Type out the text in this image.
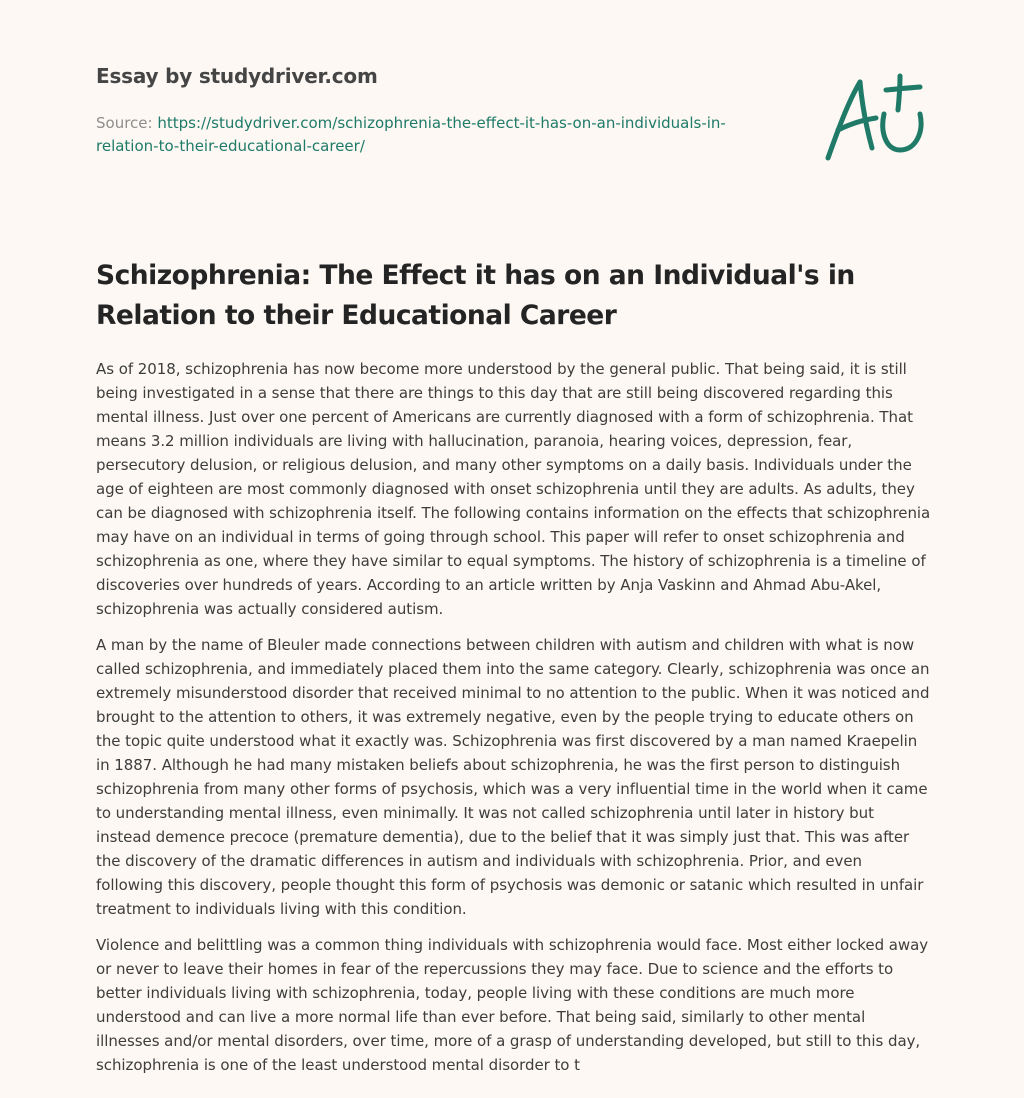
Essay by studydriver.com
Source: https://studydriver.com/schizophrenia-the-effect-it-has-on-an-individuals-in-relation-to-their-educational-career/
Schizophrenia: The Effect it has on an Individual's in Relation to their Educational Career

As of 2018, schizophrenia has now become more understood by the general public. That being said, it is still being investigated in a sense that there are things to this day that are still being discovered regarding this mental illness. Just over one percent of Americans are currently diagnosed with a form of schizophrenia. That means 3.2 million individuals are living with hallucination, paranoia, hearing voices, depression, fear, persecutory delusion, or religious delusion, and many other symptoms on a daily basis. Individuals under the age of eighteen are most commonly diagnosed with onset schizophrenia until they are adults. As adults, they can be diagnosed with schizophrenia itself. The following contains information on the effects that schizophrenia may have on an individual in terms of going through school. This paper will refer to onset schizophrenia and schizophrenia as one, where they have similar to equal symptoms. The history of schizophrenia is a timeline of discoveries over hundreds of years. According to an article written by Anja Vaskinn and Ahmad Abu-Akel, schizophrenia was actually considered autism.

A man by the name of Bleuler made connections between children with autism and children with what is now called schizophrenia, and immediately placed them into the same category. Clearly, schizophrenia was once an extremely misunderstood disorder that received minimal to no attention to the public. When it was noticed and brought to the attention to others, it was extremely negative, even by the people trying to educate others on the topic quite understood what it exactly was. Schizophrenia was first discovered by a man named Kraepelin in 1887. Although he had many mistaken beliefs about schizophrenia, he was the first person to distinguish schizophrenia from many other forms of psychosis, which was a very influential time in the world when it came to understanding mental illness, even minimally. It was not called schizophrenia until later in history but instead demence precoce (premature dementia), due to the belief that it was simply just that. This was after the discovery of the dramatic differences in autism and individuals with schizophrenia. Prior, and even following this discovery, people thought this form of psychosis was demonic or satanic which resulted in unfair treatment to individuals living with this condition.

Violence and belittling was a common thing individuals with schizophrenia would face. Most either locked away or never to leave their homes in fear of the repercussions they may face. Due to science and the efforts to better individuals living with schizophrenia, today, people living with these conditions are much more understood and can live a more normal life than ever before. That being said, similarly to other mental illnesses and/or mental disorders, over time, more of a grasp of understanding developed, but still to this day, schizophrenia is one of the least understood mental disorder to t
